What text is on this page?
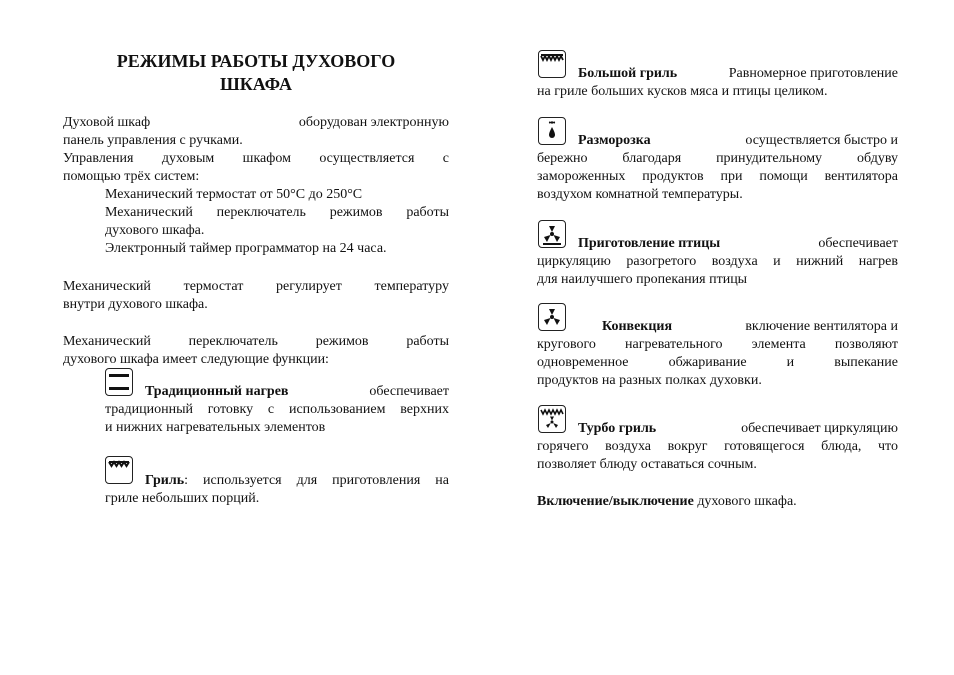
РЕЖИМЫ РАБОТЫ ДУХОВОГО
ШКАФА
Духовой шкаф	оборудован электронную
панель управления с ручками.
Управления духовым шкафом осуществляется с
помощью трёх систем:
Механический термостат от 50°C до 250°C
Механический переключатель режимов работы
духового шкафа.
Электронный таймер программатор на 24 часа.
Механический термостат регулирует температуру
внутри духового шкафа.
Механический переключатель режимов работы
духового шкафа имеет следующие функции:
Традиционный нагрев	обеспечивает
традиционный готовку с использованием верхних
и нижних нагревательных элементов
Гриль: используется для приготовления на
гриле небольших порций.
Большой гриль	Равномерное приготовление
на гриле больших кусков мяса и птицы целиком.
Разморозка	осуществляется быстро и
бережно благодаря принудительному обдуву
замороженных продуктов при помощи вентилятора
воздухом комнатной температуры.
Приготовление птицы	обеспечивает
циркуляцию разогретого воздуха и нижний нагрев
для наилучшего пропекания птицы
Конвекция	включение вентилятора и
кругового нагревательного элемента позволяют
одновременное обжаривание и выпекание
продуктов на разных полках духовки.
Турбо гриль	обеспечивает циркуляцию
горячего воздуха вокруг готовящегося блюда, что
позволяет блюду оставаться сочным.
Включение/выключение духового шкафа.
